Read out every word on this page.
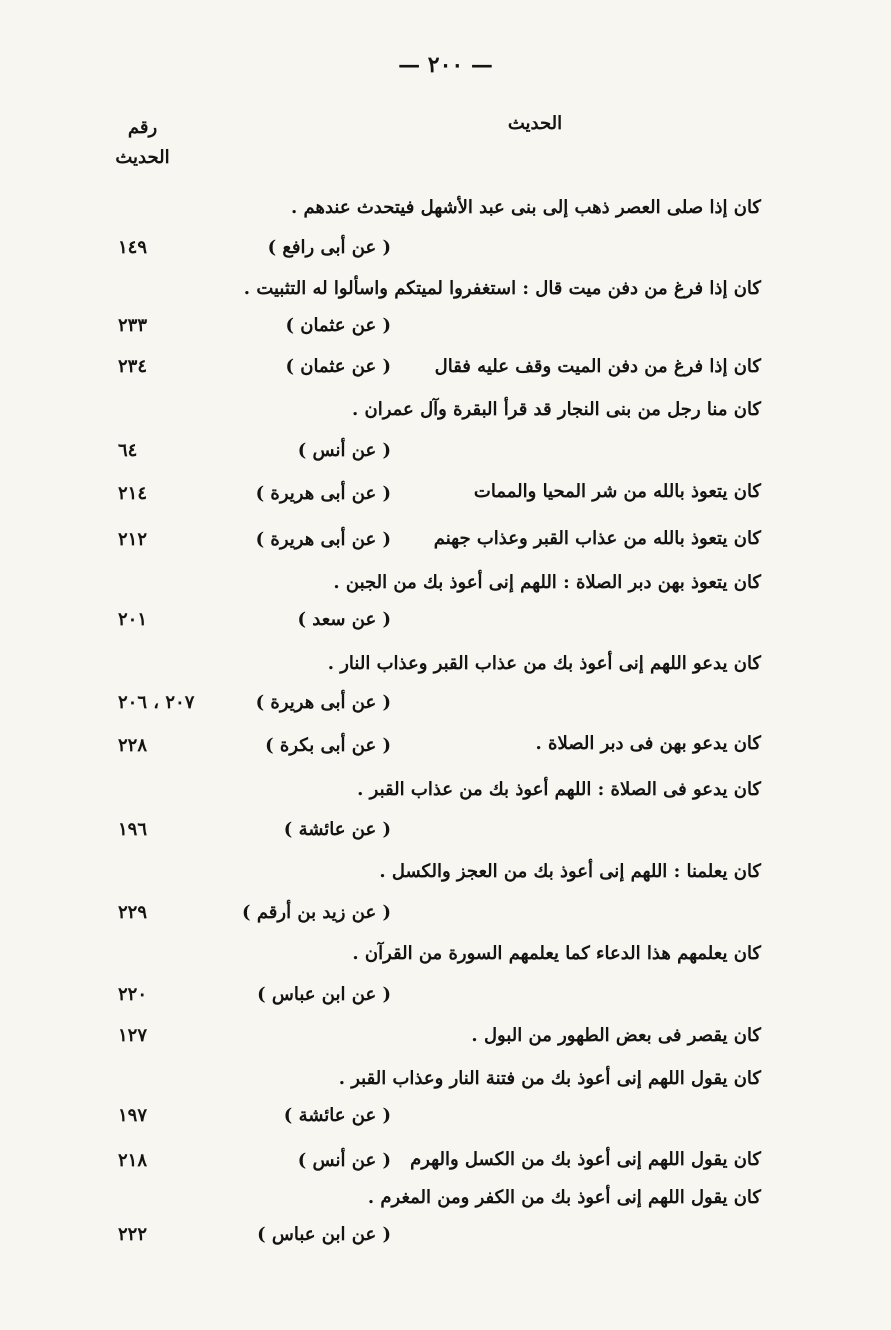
— ٢٠٠ —
الحديث
رقم
الحديث
كان إذا صلى العصر ذهب إلى بنى عبد الأشهل فيتحدث عندهم .
( عن أبى رافع )
١٤٩
كان إذا فرغ من دفن ميت قال : استغفروا لميتكم واسألوا له التثبيت .
( عن عثمان )
٢٣٣
كان إذا فرغ من دفن الميت وقف عليه فقال
( عن عثمان )
٢٣٤
كان منا رجل من بنى النجار قد قرأ البقرة وآل عمران .
( عن أنس )
٦٤
كان يتعوذ بالله من شر المحيا والممات
( عن أبى هريرة )
٢١٤
كان يتعوذ بالله من عذاب القبر وعذاب جهنم
( عن أبى هريرة )
٢١٢
كان يتعوذ بهن دبر الصلاة : اللهم إنى أعوذ بك من الجبن .
( عن سعد )
٢٠١
كان يدعو اللهم إنى أعوذ بك من عذاب القبر وعذاب النار .
( عن أبى هريرة )
٢٠٧ ، ٢٠٦
كان يدعو بهن فى دبر الصلاة .
( عن أبى بكرة )
٢٢٨
كان يدعو فى الصلاة : اللهم أعوذ بك من عذاب القبر .
( عن عائشة )
١٩٦
كان يعلمنا : اللهم إنى أعوذ بك من العجز والكسل .
( عن زيد بن أرقم )
٢٢٩
كان يعلمهم هذا الدعاء كما يعلمهم السورة من القرآن .
( عن ابن عباس )
٢٢٠
كان يقصر فى بعض الطهور من البول .
١٢٧
كان يقول اللهم إنى أعوذ بك من فتنة النار وعذاب القبر .
( عن عائشة )
١٩٧
كان يقول اللهم إنى أعوذ بك من الكسل والهرم
( عن أنس )
٢١٨
كان يقول اللهم إنى أعوذ بك من الكفر ومن المغرم .
( عن ابن عباس )
٢٢٢
